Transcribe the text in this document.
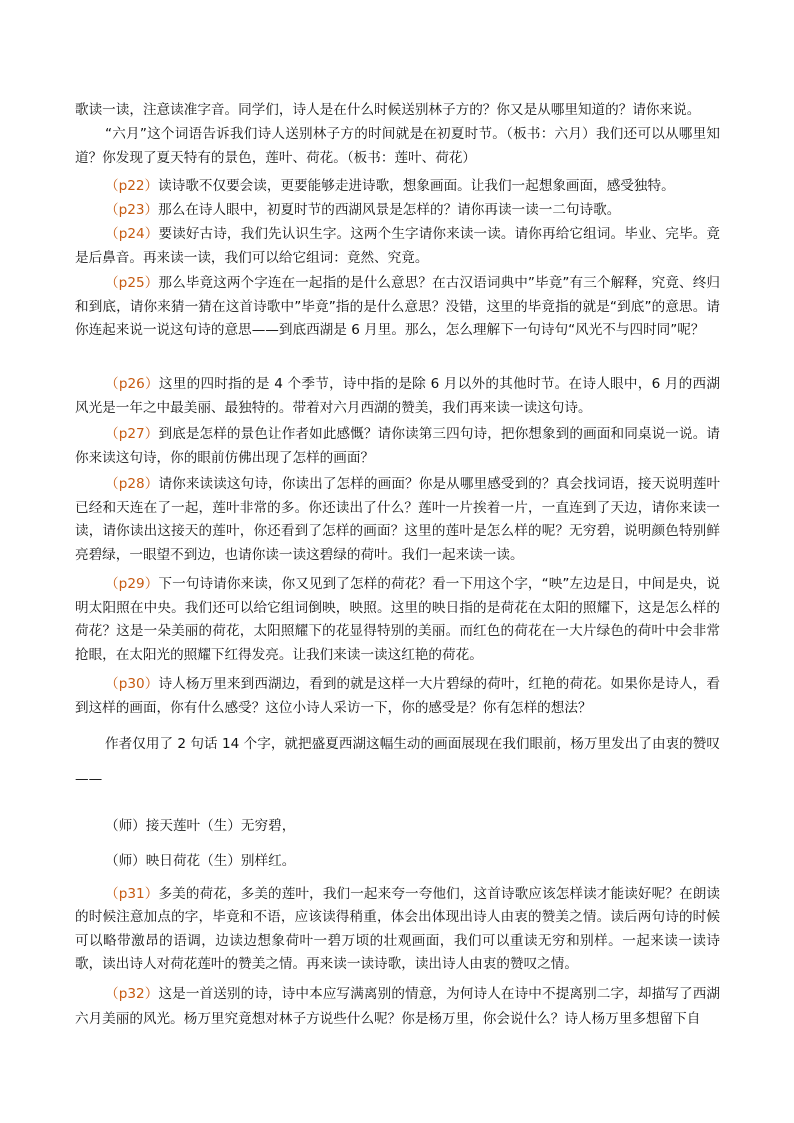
歌读一读，注意读准字音。同学们，诗人是在什么时候送别林子方的？你又是从哪里知道的？请你来说。

“六月”这个词语告诉我们诗人送别林子方的时间就是在初夏时节。（板书：六月）我们还可以从哪里知道？你发现了夏天特有的景色，莲叶、荷花。（板书：莲叶、荷花）

（p22）读诗歌不仅要会读，更要能够走进诗歌，想象画面。让我们一起想象画面，感受独特。

（p23）那么在诗人眼中，初夏时节的西湖风景是怎样的？请你再读一读一二句诗歌。

（p24）要读好古诗，我们先认识生字。这两个生字请你来读一读。请你再给它组词。毕业、完毕。竟是后鼻音。再来读一读，我们可以给它组词：竟然、究竟。

（p25）那么毕竟这两个字连在一起指的是什么意思？在古汉语词典中”毕竟”有三个解释，究竟、终归和到底，请你来猜一猜在这首诗歌中”毕竟”指的是什么意思？没错，这里的毕竟指的就是“到底”的意思。请你连起来说一说这句诗的意思——到底西湖是 6 月里。那么，怎么理解下一句诗句“风光不与四时同”呢？

（p26）这里的四时指的是 4 个季节，诗中指的是除 6 月以外的其他时节。在诗人眼中，6 月的西湖风光是一年之中最美丽、最独特的。带着对六月西湖的赞美，我们再来读一读这句诗。

（p27）到底是怎样的景色让作者如此感慨？请你读第三四句诗，把你想象到的画面和同桌说一说。请你来读这句诗，你的眼前仿佛出现了怎样的画面？

（p28）请你来读读这句诗，你读出了怎样的画面？你是从哪里感受到的？真会找词语，接天说明莲叶已经和天连在了一起，莲叶非常的多。你还读出了什么？莲叶一片挨着一片，一直连到了天边，请你来读一读，请你读出这接天的莲叶，你还看到了怎样的画面？这里的莲叶是怎么样的呢？无穷碧，说明颜色特别鲜亮碧绿，一眼望不到边，也请你读一读这碧绿的荷叶。我们一起来读一读。

（p29）下一句诗请你来读，你又见到了怎样的荷花？看一下用这个字，“映”左边是日，中间是央，说明太阳照在中央。我们还可以给它组词倒映，映照。这里的映日指的是荷花在太阳的照耀下，这是怎么样的荷花？这是一朵美丽的荷花，太阳照耀下的花显得特别的美丽。而红色的荷花在一大片绿色的荷叶中会非常抢眼，在太阳光的照耀下红得发亮。让我们来读一读这红艳的荷花。

（p30）诗人杨万里来到西湖边，看到的就是这样一大片碧绿的荷叶，红艳的荷花。如果你是诗人，看到这样的画面，你有什么感受？这位小诗人采访一下，你的感受是？你有怎样的想法？

作者仅用了 2 句话 14 个字，就把盛夏西湖这幅生动的画面展现在我们眼前，杨万里发出了由衷的赞叹——

（师）接天莲叶（生）无穷碧，

（师）映日荷花（生）别样红。

（p31）多美的荷花，多美的莲叶，我们一起来夸一夸他们，这首诗歌应该怎样读才能读好呢？在朗读的时候注意加点的字，毕竟和不语，应该读得稍重，体会出体现出诗人由衷的赞美之情。读后两句诗的时候可以略带激昂的语调，边读边想象荷叶一碧万顷的壮观画面，我们可以重读无穷和别样。一起来读一读诗歌，读出诗人对荷花莲叶的赞美之情。再来读一读诗歌，读出诗人由衷的赞叹之情。

（p32）这是一首送别的诗，诗中本应写满离别的情意，为何诗人在诗中不提离别二字，却描写了西湖六月美丽的风光。杨万里究竟想对林子方说些什么呢？你是杨万里，你会说什么？诗人杨万里多想留下自
